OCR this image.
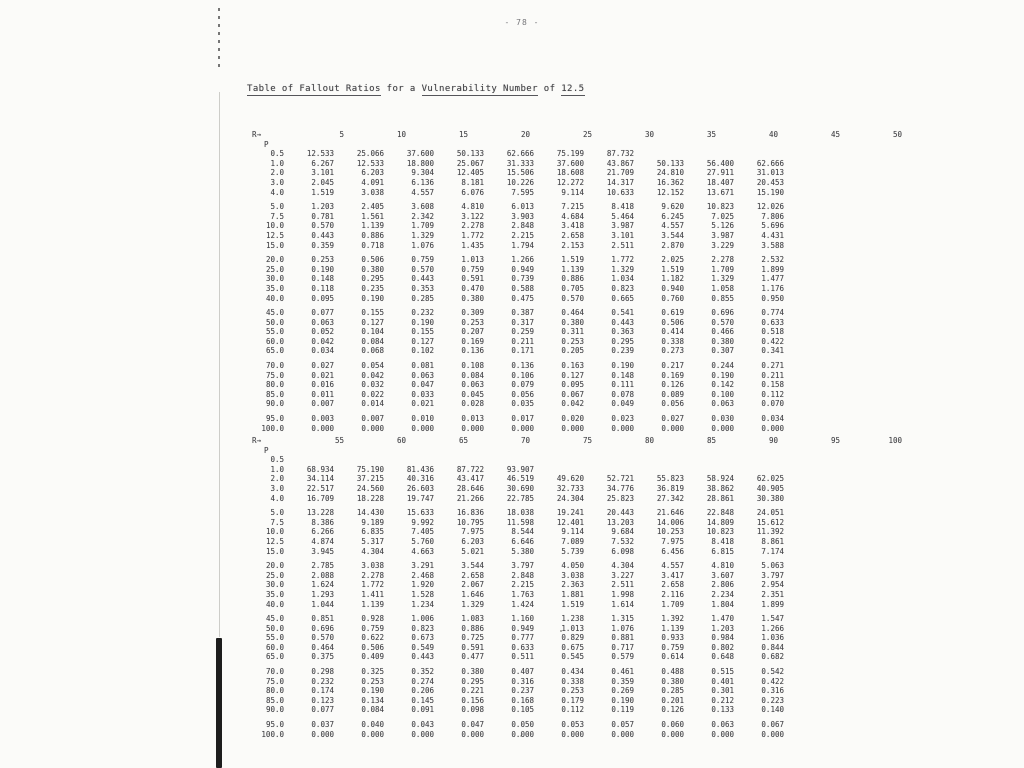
- 78 -
Table of Fallout Ratios for a Vulnerability Number of 12.5
R→	5	10	15	20	25	30	35	40	45	50
P
0.5	12.533	25.066	37.600	50.133	62.666	75.199	87.732
1.0	6.267	12.533	18.800	25.067	31.333	37.600	43.867	50.133	56.400	62.666
2.0	3.101	6.203	9.304	12.405	15.506	18.608	21.709	24.810	27.911	31.013
3.0	2.045	4.091	6.136	8.181	10.226	12.272	14.317	16.362	18.407	20.453
4.0	1.519	3.038	4.557	6.076	7.595	9.114	10.633	12.152	13.671	15.190
5.0	1.203	2.405	3.608	4.810	6.013	7.215	8.418	9.620	10.823	12.026
7.5	0.781	1.561	2.342	3.122	3.903	4.684	5.464	6.245	7.025	7.806
10.0	0.570	1.139	1.709	2.278	2.848	3.418	3.987	4.557	5.126	5.696
12.5	0.443	0.886	1.329	1.772	2.215	2.658	3.101	3.544	3.987	4.431
15.0	0.359	0.718	1.076	1.435	1.794	2.153	2.511	2.870	3.229	3.588
20.0	0.253	0.506	0.759	1.013	1.266	1.519	1.772	2.025	2.278	2.532
25.0	0.190	0.380	0.570	0.759	0.949	1.139	1.329	1.519	1.709	1.899
30.0	0.148	0.295	0.443	0.591	0.739	0.886	1.034	1.182	1.329	1.477
35.0	0.118	0.235	0.353	0.470	0.588	0.705	0.823	0.940	1.058	1.176
40.0	0.095	0.190	0.285	0.380	0.475	0.570	0.665	0.760	0.855	0.950
45.0	0.077	0.155	0.232	0.309	0.387	0.464	0.541	0.619	0.696	0.774
50.0	0.063	0.127	0.190	0.253	0.317	0.380	0.443	0.506	0.570	0.633
55.0	0.052	0.104	0.155	0.207	0.259	0.311	0.363	0.414	0.466	0.518
60.0	0.042	0.084	0.127	0.169	0.211	0.253	0.295	0.338	0.380	0.422
65.0	0.034	0.068	0.102	0.136	0.171	0.205	0.239	0.273	0.307	0.341
70.0	0.027	0.054	0.081	0.108	0.136	0.163	0.190	0.217	0.244	0.271
75.0	0.021	0.042	0.063	0.084	0.106	0.127	0.148	0.169	0.190	0.211
80.0	0.016	0.032	0.047	0.063	0.079	0.095	0.111	0.126	0.142	0.158
85.0	0.011	0.022	0.033	0.045	0.056	0.067	0.078	0.089	0.100	0.112
90.0	0.007	0.014	0.021	0.028	0.035	0.042	0.049	0.056	0.063	0.070
95.0	0.003	0.007	0.010	0.013	0.017	0.020	0.023	0.027	0.030	0.034
100.0	0.000	0.000	0.000	0.000	0.000	0.000	0.000	0.000	0.000	0.000
R→	55	60	65	70	75	80	85	90	95	100
P
0.5
1.0	68.934	75.190	81.436	87.722	93.907
2.0	34.114	37.215	40.316	43.417	46.519	49.620	52.721	55.823	58.924	62.025
3.0	22.517	24.560	26.603	28.646	30.690	32.733	34.776	36.819	38.862	40.905
4.0	16.709	18.228	19.747	21.266	22.785	24.304	25.823	27.342	28.861	30.380
5.0	13.228	14.430	15.633	16.836	18.038	19.241	20.443	21.646	22.848	24.051
7.5	8.386	9.189	9.992	10.795	11.598	12.401	13.203	14.006	14.809	15.612
10.0	6.266	6.835	7.405	7.975	8.544	9.114	9.684	10.253	10.823	11.392
12.5	4.874	5.317	5.760	6.203	6.646	7.089	7.532	7.975	8.418	8.861
15.0	3.945	4.304	4.663	5.021	5.380	5.739	6.098	6.456	6.815	7.174
20.0	2.785	3.038	3.291	3.544	3.797	4.050	4.304	4.557	4.810	5.063
25.0	2.088	2.278	2.468	2.658	2.848	3.038	3.227	3.417	3.607	3.797
30.0	1.624	1.772	1.920	2.067	2.215	2.363	2.511	2.658	2.806	2.954
35.0	1.293	1.411	1.528	1.646	1.763	1.881	1.998	2.116	2.234	2.351
40.0	1.044	1.139	1.234	1.329	1.424	1.519	1.614	1.709	1.804	1.899
45.0	0.851	0.928	1.006	1.083	1.160	1.238	1.315	1.392	1.470	1.547
50.0	0.696	0.759	0.823	0.886	0.949	1.013	1.076	1.139	1.203	1.266
55.0	0.570	0.622	0.673	0.725	0.777	0.829	0.881	0.933	0.984	1.036
60.0	0.464	0.506	0.549	0.591	0.633	0.675	0.717	0.759	0.802	0.844
65.0	0.375	0.409	0.443	0.477	0.511	0.545	0.579	0.614	0.648	0.682
70.0	0.298	0.325	0.352	0.380	0.407	0.434	0.461	0.488	0.515	0.542
75.0	0.232	0.253	0.274	0.295	0.316	0.338	0.359	0.380	0.401	0.422
80.0	0.174	0.190	0.206	0.221	0.237	0.253	0.269	0.285	0.301	0.316
85.0	0.123	0.134	0.145	0.156	0.168	0.179	0.190	0.201	0.212	0.223
90.0	0.077	0.084	0.091	0.098	0.105	0.112	0.119	0.126	0.133	0.140
95.0	0.037	0.040	0.043	0.047	0.050	0.053	0.057	0.060	0.063	0.067
100.0	0.000	0.000	0.000	0.000	0.000	0.000	0.000	0.000	0.000	0.000
